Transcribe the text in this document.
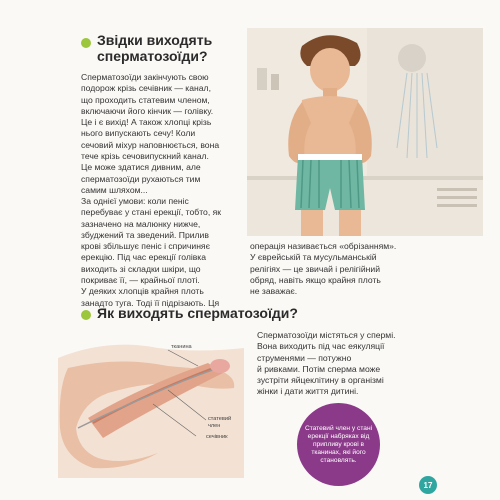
Звідки виходять
сперматозоїди?
Сперматозоїди закінчують свою
подорож крізь сечівник — канал,
що проходить статевим членом,
включаючи його кінчик — голівку.
Це і є вихід! А також хлопці крізь
нього випускають сечу! Коли
сечовий міхур наповнюється, вона
тече крізь сечовипускний канал.
Це може здатися дивним, але
сперматозоїди рухаються тим
самим шляхом...
За однієї умови: коли пеніс
перебуває у стані ерекції, тобто, як
зазначено на малюнку нижче,
збуджений та зведений. Прилив
крові збільшує пеніс і спричиняє
ерекцію. Під час ерекції голівка
виходить зі складки шкіри, що
покриває її, — крайньої плоті.
У деяких хлопців крайня плоть
занадто туга. Тоді її підрізають. Ця
операція називається «обрізанням».
У єврейській та мусульманській
релігіях — це звичай і релігійний
обряд, навіть якщо крайня плоть
не заважає.
Як виходять сперматозоїди?
Сперматозоїди містяться у спермі.
Вона виходить під час еякуляції
струменями — потужно
й ривками. Потім сперма може
зустріти яйцеклітину в організмі
жінки і дати життя дитині.
тканина
статевий член
сечівник
Статевий член у стані ерекції набряках від припливу крові в тканинах, які його становлять.
17
